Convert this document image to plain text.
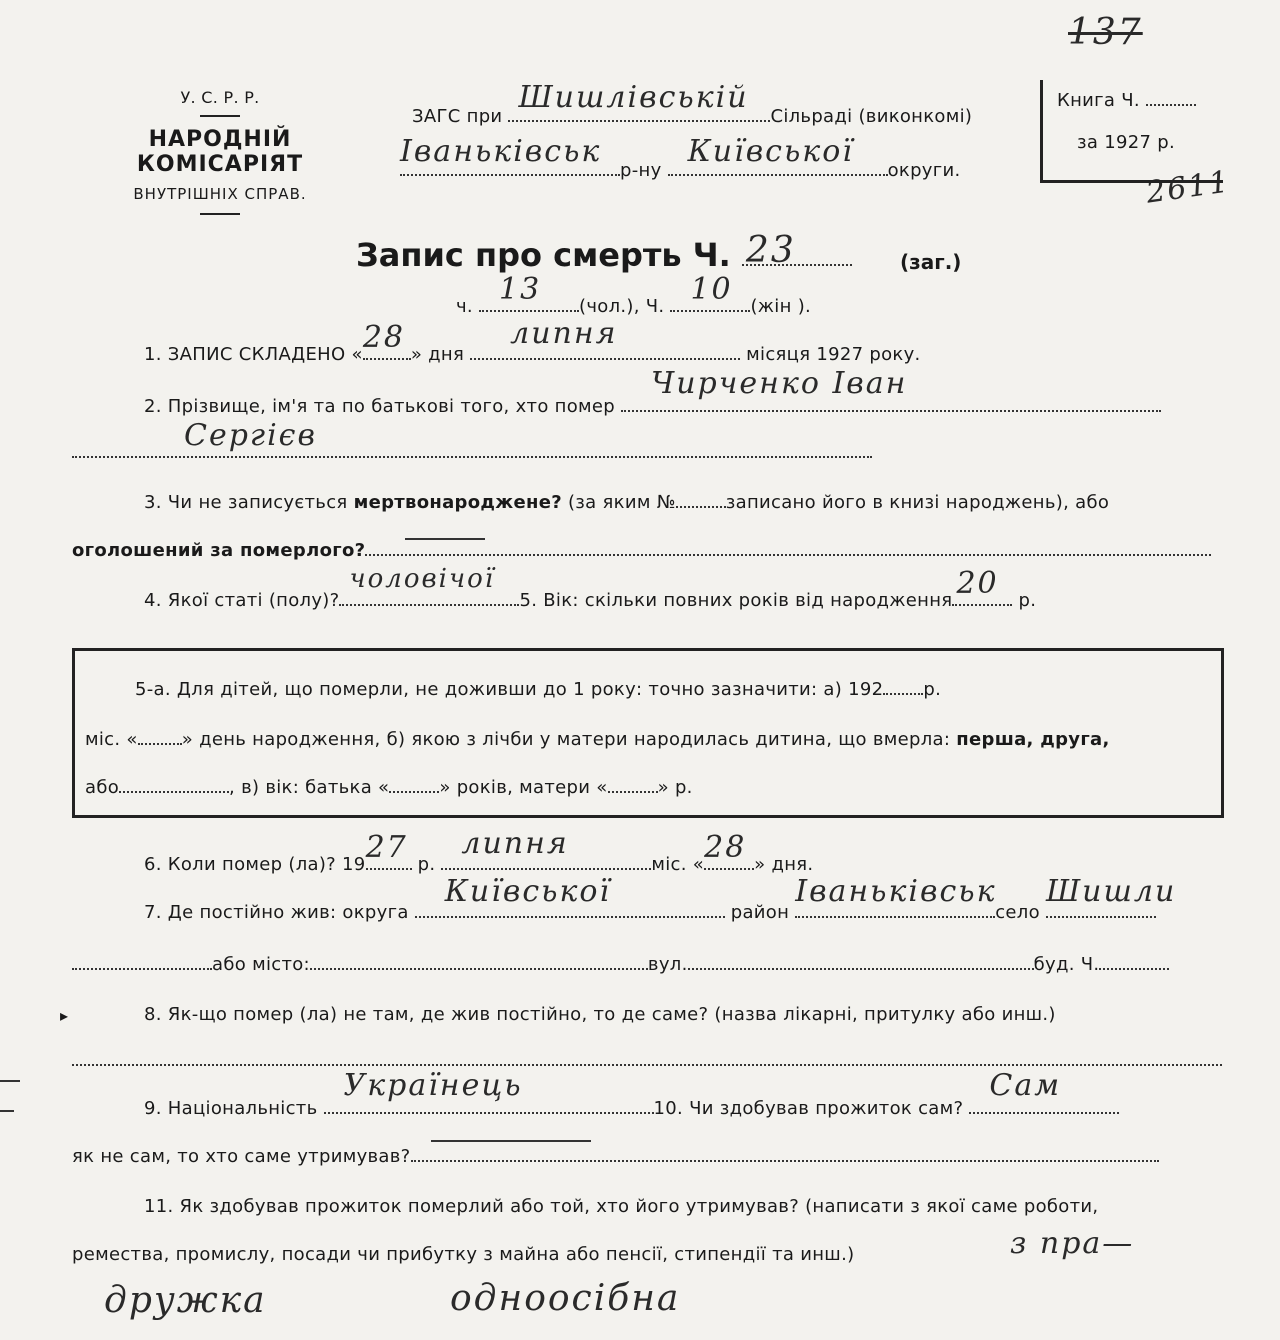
137
2611
У. С. Р. Р.
НАРОДНІЙ КОМІСАРІЯТ
ВНУТРІШНІХ СПРАВ.
ЗАГС при
Шишлівській
Сільраді (виконкомі)
Іваньківськ
р-ну
Київської
округи.
Книга Ч.
за 1927 р.
Запис про смерть Ч. 23	(заг.)
ч. 13 (чол.), Ч. 10 (жін ).
1. ЗАПИС СКЛАДЕНО « 28 » дня
липня
місяця 1927 року.
2. Прізвище, ім'я та по батькові того, хто помер
Чирченко Іван
Сергієв
3. Чи не записується мертвонароджене? (за яким №	записано його в книзі народжень), або
оголошений за померлого?
4. Якої статі (полу)?
чоловічої
5. Вік: скільки повних років від народження 20 р.
5-а. Для дітей, що померли, не доживши до 1 року: точно зазначити: а) 192 р.
міс. « » день народження, б) якою з лічби у матери народилась дитина, що вмерла: перша, друга,
або	, в) вік: батька «	» років, матери «	» р.
6. Коли помер (ла)? 19 27 р.
липня
міс. « 28 » дня.
7. Де постійно жив: округа
Київської
район
Іваньківськ
село
Шишли
або місто:	вул.	буд. Ч.
8. Як-що помер (ла) не там, де жив постійно, то де саме? (назва лікарні, притулку або инш.)
9. Національність
Українець
10. Чи здобував прожиток сам?
Сам
як не сам, то хто саме утримував?
11. Як здобував прожиток померлий або той, хто його утримував? (написати з якої саме роботи,
ремества, промислу, посади чи прибутку з майна або пенсії, стипендії та инш.)	з пра—
дружка	одноосібна
▸
